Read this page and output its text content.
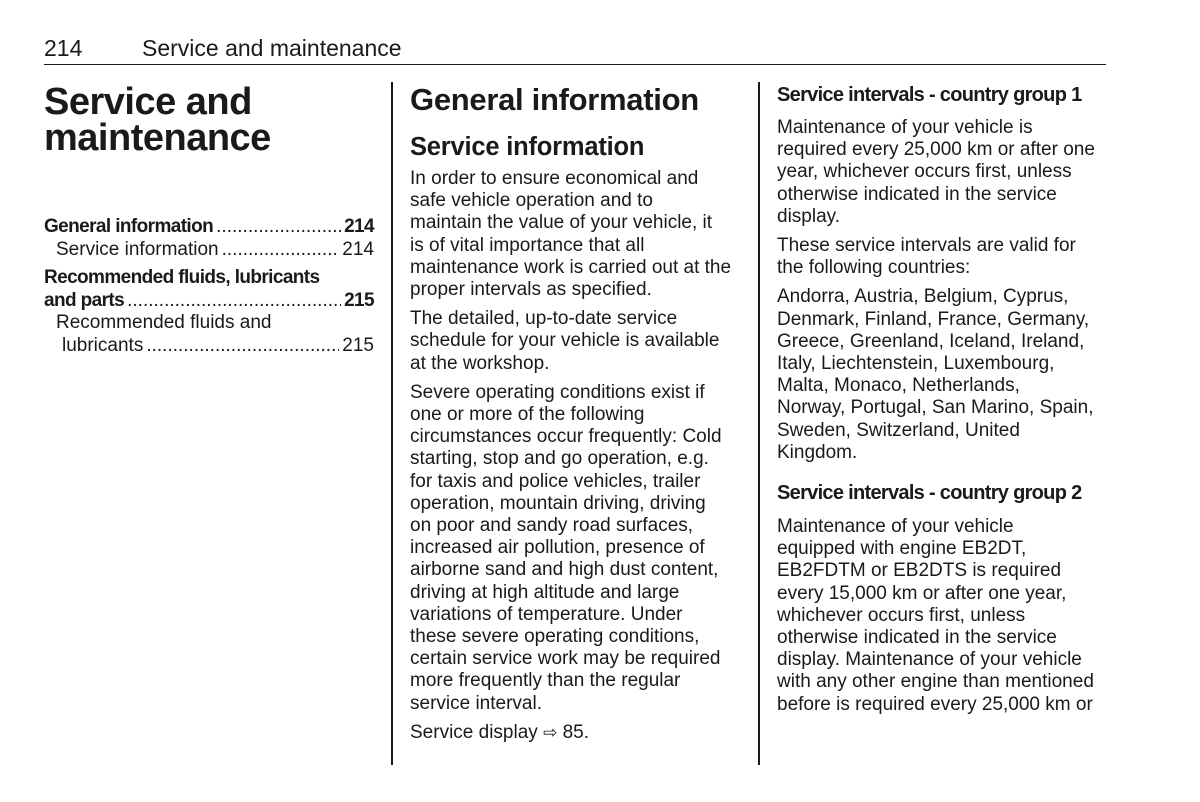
214	Service and maintenance
Service and
maintenance
General information .....	214
Service information .....	214
Recommended fluids, lubricants
and parts .....	215
Recommended fluids and
lubricants .....	215
General information
Service information

In order to ensure economical and
safe vehicle operation and to
maintain the value of your vehicle, it
is of vital importance that all
maintenance work is carried out at the
proper intervals as specified.

The detailed, up-to-date service
schedule for your vehicle is available
at the workshop.

Severe operating conditions exist if
one or more of the following
circumstances occur frequently: Cold
starting, stop and go operation, e.g.
for taxis and police vehicles, trailer
operation, mountain driving, driving
on poor and sandy road surfaces,
increased air pollution, presence of
airborne sand and high dust content,
driving at high altitude and large
variations of temperature. Under
these severe operating conditions,
certain service work may be required
more frequently than the regular
service interval.

Service display ⇨ 85.

Service intervals - country group 1

Maintenance of your vehicle is
required every 25,000 km or after one
year, whichever occurs first, unless
otherwise indicated in the service
display.

These service intervals are valid for
the following countries:

Andorra, Austria, Belgium, Cyprus,
Denmark, Finland, France, Germany,
Greece, Greenland, Iceland, Ireland,
Italy, Liechtenstein, Luxembourg,
Malta, Monaco, Netherlands,
Norway, Portugal, San Marino, Spain,
Sweden, Switzerland, United
Kingdom.

Service intervals - country group 2

Maintenance of your vehicle
equipped with engine EB2DT,
EB2FDTM or EB2DTS is required
every 15,000 km or after one year,
whichever occurs first, unless
otherwise indicated in the service
display. Maintenance of your vehicle
with any other engine than mentioned
before is required every 25,000 km or
